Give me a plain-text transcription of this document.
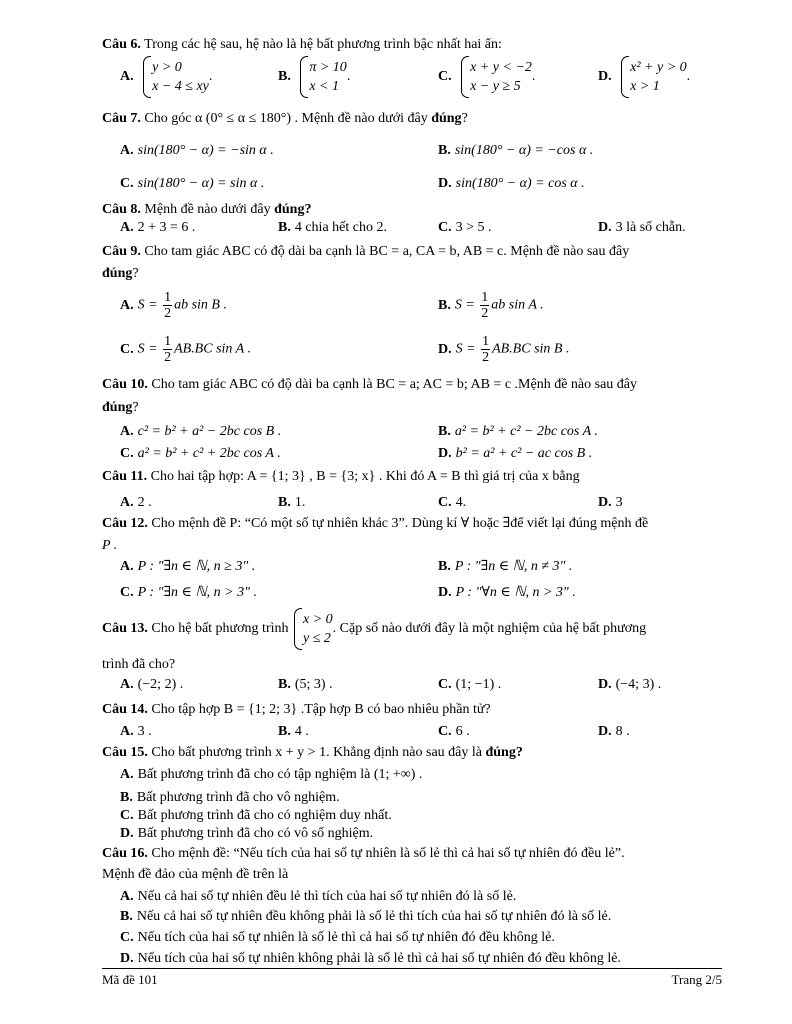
Câu 6. Trong các hệ sau, hệ nào là hệ bất phương trình bậc nhất hai ẩn:
A.
y > 0
x − 4 ≤ xy
.	B.
π > 10
x < 1
.	C.
x + y < −2
x − y ≥ 5
.	D.
x² + y > 0
x > 1
.
Câu 7. Cho góc α (0° ≤ α ≤ 180°) . Mệnh đề nào dưới đây đúng?
A. sin(180° − α) = −sin α .	B. sin(180° − α) = −cos α .
C. sin(180° − α) = sin α .	D. sin(180° − α) = cos α .
Câu 8. Mệnh đề nào dưới đây đúng?
A. 2 + 3 = 6 .	B. 4 chia hết cho 2.	C. 3 > 5 .	D. 3 là số chẵn.
Câu 9. Cho tam giác ABC có độ dài ba cạnh là BC = a, CA = b, AB = c. Mệnh đề nào sau đây
đúng?
A. $S = \frac{1}{2}$ ab sin B .	B. $S = \frac{1}{2}$ ab sin A .
C. $S = \frac{1}{2} AB.BC$ sin A .	D. $S = \frac{1}{2} AB.BC$ sin B .
Câu 10. Cho tam giác ABC có độ dài ba cạnh là BC = a; AC = b; AB = c .Mệnh đề nào sau đây
đúng?
A. c² = b² + a² − 2bc cos B .	B. a² = b² + c² − 2bc cos A .
C. a² = b² + c² + 2bc cos A .	D. b² = a² + c² − ac cos B .
Câu 11. Cho hai tập hợp: A = {1; 3} , B = {3; x} . Khi đó A = B thì giá trị của x bằng
A. 2 .	B. 1.	C. 4.	D. 3
Câu 12. Cho mệnh đề P: “Có một số tự nhiên khác 3”. Dùng kí ∀ hoặc ∃để viết lại đúng mệnh đề
P .
A. P : "∃n ∈ ℕ, n ≥ 3" .	B. P : "∃n ∈ ℕ, n ≠ 3" .
C. P : "∃n ∈ ℕ, n > 3" .	D. P : "∀n ∈ ℕ, n > 3" .
Câu 13. Cho hệ bất phương trình
x > 0
y ≤ 2
. Cặp số nào dưới đây là một nghiệm của hệ bất phương
trình đã cho?
A. (−2; 2) .	B. (5; 3) .	C. (1; −1) .	D. (−4; 3) .
Câu 14. Cho tập hợp B = {1; 2; 3} .Tập hợp B có bao nhiêu phần tử?
A. 3 .	B. 4 .	C. 6 .	D. 8 .
Câu 15. Cho bất phương trình x + y > 1. Khẳng định nào sau đây là đúng?
A. Bất phương trình đã cho có tập nghiệm là (1; +∞) .
B. Bất phương trình đã cho vô nghiệm.
C. Bất phương trình đã cho có nghiệm duy nhất.
D. Bất phương trình đã cho có vô số nghiệm.
Câu 16. Cho mệnh đề: “Nếu tích của hai số tự nhiên là số lẻ thì cả hai số tự nhiên đó đều lẻ”.
Mệnh đề đảo của mệnh đề trên là
A. Nếu cả hai số tự nhiên đều lẻ thì tích của hai số tự nhiên đó là số lẻ.
B. Nếu cả hai số tự nhiên đều không phải là số lẻ thì tích của hai số tự nhiên đó là số lẻ.
C. Nếu tích của hai số tự nhiên là số lẻ thì cả hai số tự nhiên đó đều không lẻ.
D. Nếu tích của hai số tự nhiên không phải là số lẻ thì cả hai số tự nhiên đó đều không lẻ.
Mã đề 101	Trang 2/5
